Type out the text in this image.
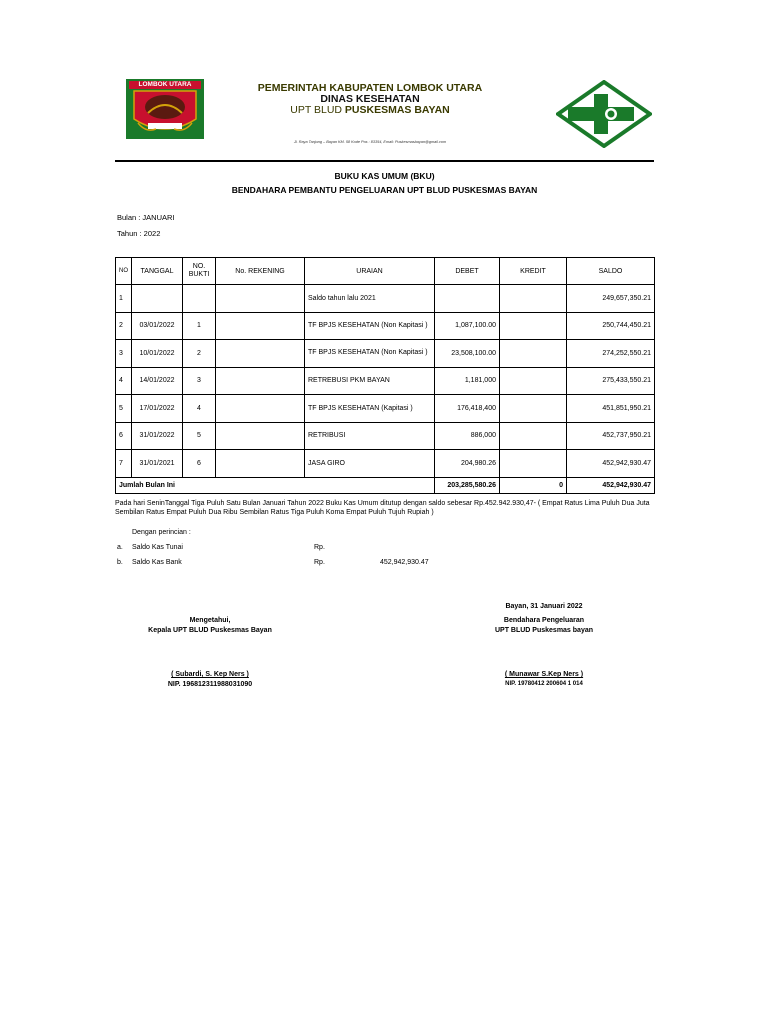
LOMBOK UTARA	PEMERINTAH KABUPATEN LOMBOK UTARA
DINAS KESEHATAN
UPT BLUD PUSKESMAS BAYAN
Jl. Raya Tanjung – Bayan KM. 58 Kode Pos : 83354, Email: Puskesmasbayan@gmail.com
BUKU KAS UMUM (BKU)
BENDAHARA PEMBANTU PENGELUARAN UPT BLUD PUSKESMAS BAYAN
Bulan : JANUARI
Tahun : 2022
NO	TANGGAL	NO. BUKTI	No. REKENING	URAIAN	DEBET	KREDIT	SALDO
1				Saldo tahun lalu 2021			249,657,350.21
2	03/01/2022	1		TF BPJS KESEHATAN (Non Kapitasi )	1,087,100.00		250,744,450.21
3	10/01/2022	2		TF BPJS KESEHATAN (Non Kapitasi )	23,508,100.00		274,252,550.21
4	14/01/2022	3		RETREBUSI PKM BAYAN	1,181,000		275,433,550.21
5	17/01/2022	4		TF BPJS KESEHATAN (Kapitasi )	176,418,400		451,851,950.21
6	31/01/2022	5		RETRIBUSI	886,000		452,737,950.21
7	31/01/2021	6		JASA GIRO	204,980.26		452,942,930.47
Jumlah Bulan Ini					203,285,580.26	0	452,942,930.47
Pada hari SeninTanggal Tiga Puluh Satu Bulan Januari Tahun 2022 Buku Kas Umum ditutup dengan saldo sebesar Rp.452.942.930,47- ( Empat Ratus Lima Puluh Dua Juta Sembilan Ratus Empat Puluh Dua Ribu Sembilan Ratus Tiga Puluh Koma Empat Puluh Tujuh Rupiah )
Dengan perincian :
a. Saldo Kas Tunai	Rp.
b. Saldo Kas Bank	Rp.	452,942,930.47
Bayan, 31 Januari 2022
Mengetahui,
Kepala UPT BLUD Puskesmas Bayan
( Subardi, S. Kep Ners )
NIP. 196812311988031090
Bendahara Pengeluaran
UPT BLUD Puskesmas bayan
( Munawar S.Kep Ners )
NIP. 19780412 200604 1 014
